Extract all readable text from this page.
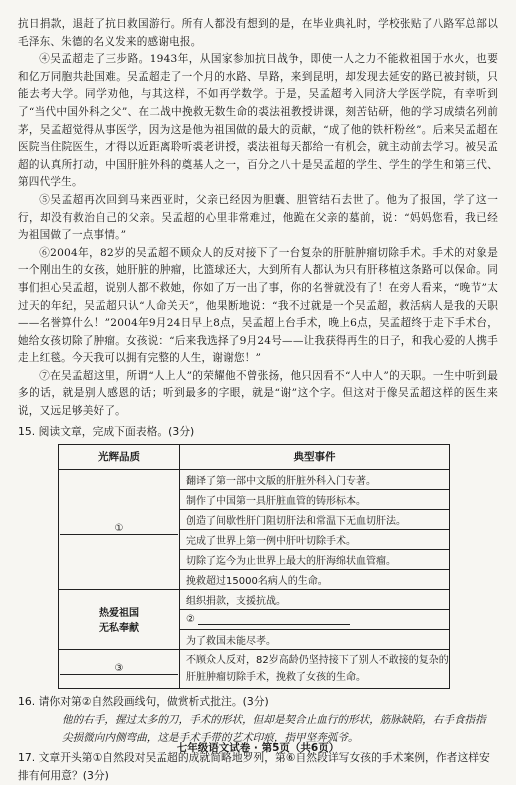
抗日捐款，退赶了抗日救国游行。所有人都没有想到的是，在毕业典礼时，学校张贴了八路军总部以毛泽东、朱德的名义发来的感谢电报。

④吴孟超走了三步路。1943年，从国家参加抗日战争，即使一人之力不能救祖国于水火，也要和亿万同胞共赴国难。吴孟超走了一个月的水路、旱路，来到昆明，却发现去延安的路已被封锁，只能去考大学。同学劝他，与其这样，不如再学数学。于是，吴孟超考入同济大学医学院，有幸听到了“当代中国外科之父”、在二战中挽救无数生命的裘法祖教授讲课，刻苦钻研，他的学习成绩名列前茅，吴孟超觉得从事医学，因为这是他为祖国做的最大的贡献，“成了他的铁杆粉丝”。后来吴孟超在医院当住院医生，才得以近距离聆听裘老讲授，裘法祖每天都给一有机会，就主动前去学习。被吴孟超的认真所打动，中国肝脏外科的奠基人之一，百分之八十是吴孟超的学生、学生的学生和第三代、第四代学生。

⑤吴孟超再次回到马来西亚时，父亲已经因为胆囊、胆管结石去世了。他为了报国，学了这一行，却没有救治自己的父亲。吴孟超的心里非常难过，他跪在父亲的墓前，说：“妈妈您看，我已经为祖国做了一点事情。”

⑥2004年，82岁的吴孟超不顾众人的反对接下了一台复杂的肝脏肿瘤切除手术。手术的对象是一个刚出生的女孩，她肝脏的肿瘤，比篮球还大，大到所有人都认为只有肝移植这条路可以保命。同事们担心吴孟超，说别人都不救她，你如了万一出了事，你的名誉就没有了！在旁人看来，“晚节”太过天的年纪，吴孟超只认“人命关天”，他果断地说：“我不过就是一个吴孟超，救活病人是我的天职——名誉算什么！”2004年9月24日早上8点，吴孟超上台手术，晚上6点，吴孟超终于走下手术台，她给女孩切除了肿瘤。女孩说：“后来我选择了9月24号——让我获得再生的日子，和我心爱的人携手走上红毯。今天我可以拥有完整的人生，谢谢您！”

⑦在吴孟超这里，所谓“人上人”的荣耀他不曾张扬，他只因看不“人中人”的天职。一生中听到最多的话，就是别人感恩的话；听到最多的字眼，就是“谢”这个字。但这对于像吴孟超这样的医生来说，又远足够美好了。

15. 阅读文章，完成下面表格。(3分)

光辉品质	典型事件
①	翻译了第一部中文版的肝脏外科入门专著。
	制作了中国第一具肝脏血管的铸形标本。
	创造了间歇性肝门阻切肝法和常温下无血切肝法。
	完成了世界上第一例中肝叶切除手术。
	切除了迄今为止世界上最大的肝海绵状血管瘤。
	挽救超过15000名病人的生命。

热爱祖国
无私奉献	组织捐款，支援抗战。
	②
	为了救国未能尽孝。
③	不顾众人反对，82岁高龄仍坚持接下了别人不敢接的复杂的肝脏肿瘤切除手术，挽救了女孩的生命。

16. 请你对第②自然段画线句，做赏析式批注。(3分)

他的右手，握过太多的刀，手术的形状，但却是契合止血行的形状，筋脉缺陷，右手食指指尖损微向内侧弯曲，这是手术手带的艺术印痕，指甲坚奔弧爷。

17. 文章开头第①自然段对吴孟超的成就简略地罗列，第⑥自然段详写女孩的手术案例，作者这样安排有何用意？(3分)

七年级语文试卷 · 第5页（共6页）
